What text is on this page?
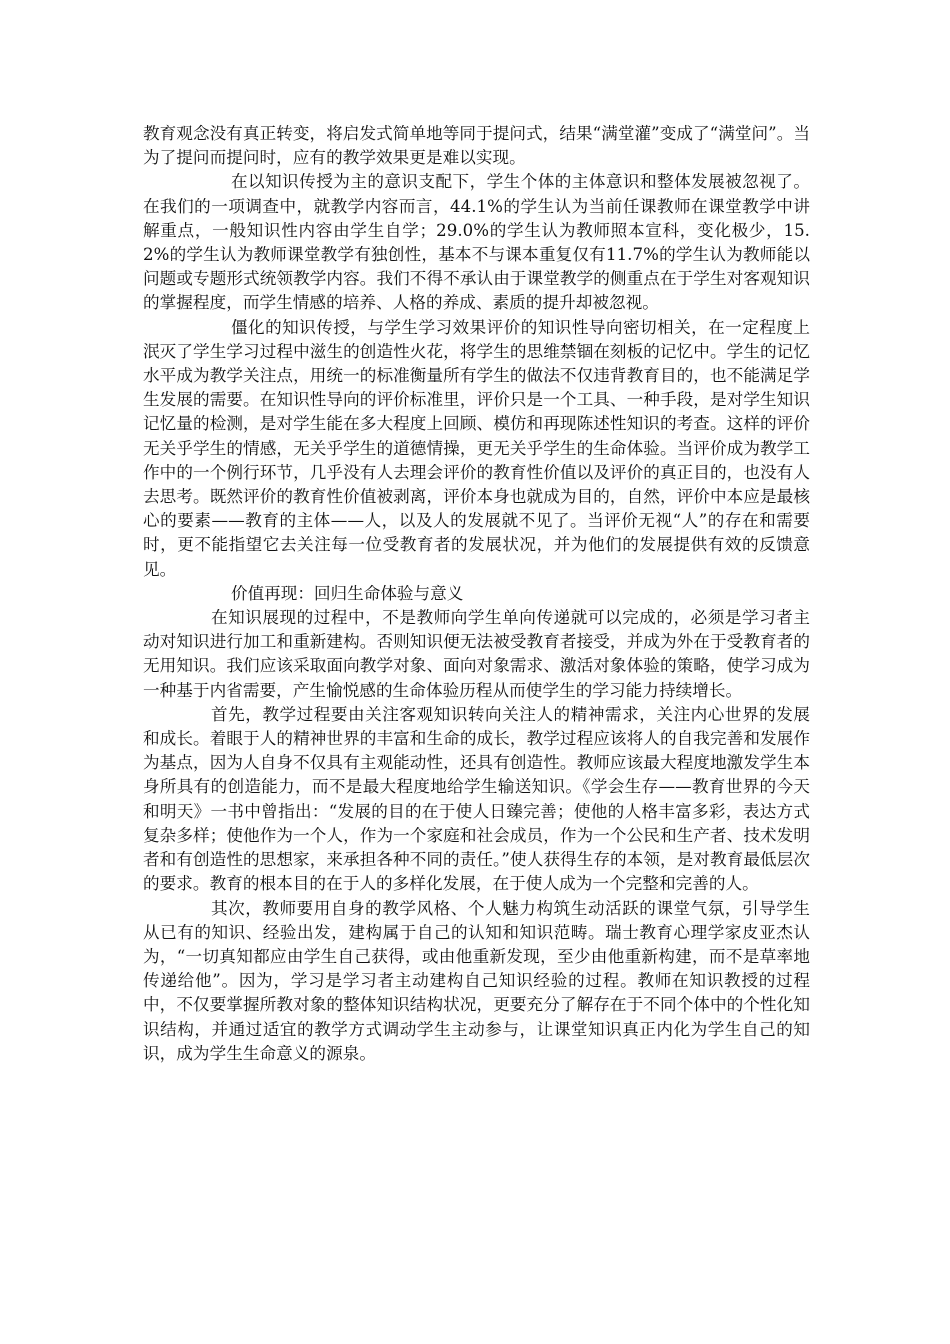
教育观念没有真正转变，将启发式简单地等同于提问式，结果“满堂灌”变成了“满堂问”。当为了提问而提问时，应有的教学效果更是难以实现。

在以知识传授为主的意识支配下，学生个体的主体意识和整体发展被忽视了。在我们的一项调查中，就教学内容而言，44.1%的学生认为当前任课教师在课堂教学中讲解重点，一般知识性内容由学生自学；29.0%的学生认为教师照本宣科，变化极少，15.2%的学生认为教师课堂教学有独创性，基本不与课本重复仅有11.7%的学生认为教师能以问题或专题形式统领教学内容。我们不得不承认由于课堂教学的侧重点在于学生对客观知识的掌握程度，而学生情感的培养、人格的养成、素质的提升却被忽视。

僵化的知识传授，与学生学习效果评价的知识性导向密切相关，在一定程度上泯灭了学生学习过程中滋生的创造性火花，将学生的思维禁锢在刻板的记忆中。学生的记忆水平成为教学关注点，用统一的标准衡量所有学生的做法不仅违背教育目的，也不能满足学生发展的需要。在知识性导向的评价标准里，评价只是一个工具、一种手段，是对学生知识记忆量的检测，是对学生能在多大程度上回顾、模仿和再现陈述性知识的考查。这样的评价无关乎学生的情感，无关乎学生的道德情操，更无关乎学生的生命体验。当评价成为教学工作中的一个例行环节，几乎没有人去理会评价的教育性价值以及评价的真正目的，也没有人去思考。既然评价的教育性价值被剥离，评价本身也就成为目的，自然，评价中本应是最核心的要素——教育的主体——人，以及人的发展就不见了。当评价无视“人”的存在和需要时，更不能指望它去关注每一位受教育者的发展状况，并为他们的发展提供有效的反馈意见。

价值再现：回归生命体验与意义

在知识展现的过程中，不是教师向学生单向传递就可以完成的，必须是学习者主动对知识进行加工和重新建构。否则知识便无法被受教育者接受，并成为外在于受教育者的无用知识。我们应该采取面向教学对象、面向对象需求、激活对象体验的策略，使学习成为一种基于内省需要，产生愉悦感的生命体验历程从而使学生的学习能力持续增长。

首先，教学过程要由关注客观知识转向关注人的精神需求，关注内心世界的发展和成长。着眼于人的精神世界的丰富和生命的成长，教学过程应该将人的自我完善和发展作为基点，因为人自身不仅具有主观能动性，还具有创造性。教师应该最大程度地激发学生本身所具有的创造能力，而不是最大程度地给学生输送知识。《学会生存——教育世界的今天和明天》一书中曾指出：“发展的目的在于使人日臻完善；使他的人格丰富多彩，表达方式复杂多样；使他作为一个人，作为一个家庭和社会成员，作为一个公民和生产者、技术发明者和有创造性的思想家，来承担各种不同的责任。”使人获得生存的本领，是对教育最低层次的要求。教育的根本目的在于人的多样化发展，在于使人成为一个完整和完善的人。

其次，教师要用自身的教学风格、个人魅力构筑生动活跃的课堂气氛，引导学生从已有的知识、经验出发，建构属于自己的认知和知识范畴。瑞士教育心理学家皮亚杰认为，“一切真知都应由学生自己获得，或由他重新发现，至少由他重新构建，而不是草率地传递给他”。因为，学习是学习者主动建构自己知识经验的过程。教师在知识教授的过程中，不仅要掌握所教对象的整体知识结构状况，更要充分了解存在于不同个体中的个性化知识结构，并通过适宜的教学方式调动学生主动参与，让课堂知识真正内化为学生自己的知识，成为学生生命意义的源泉。
